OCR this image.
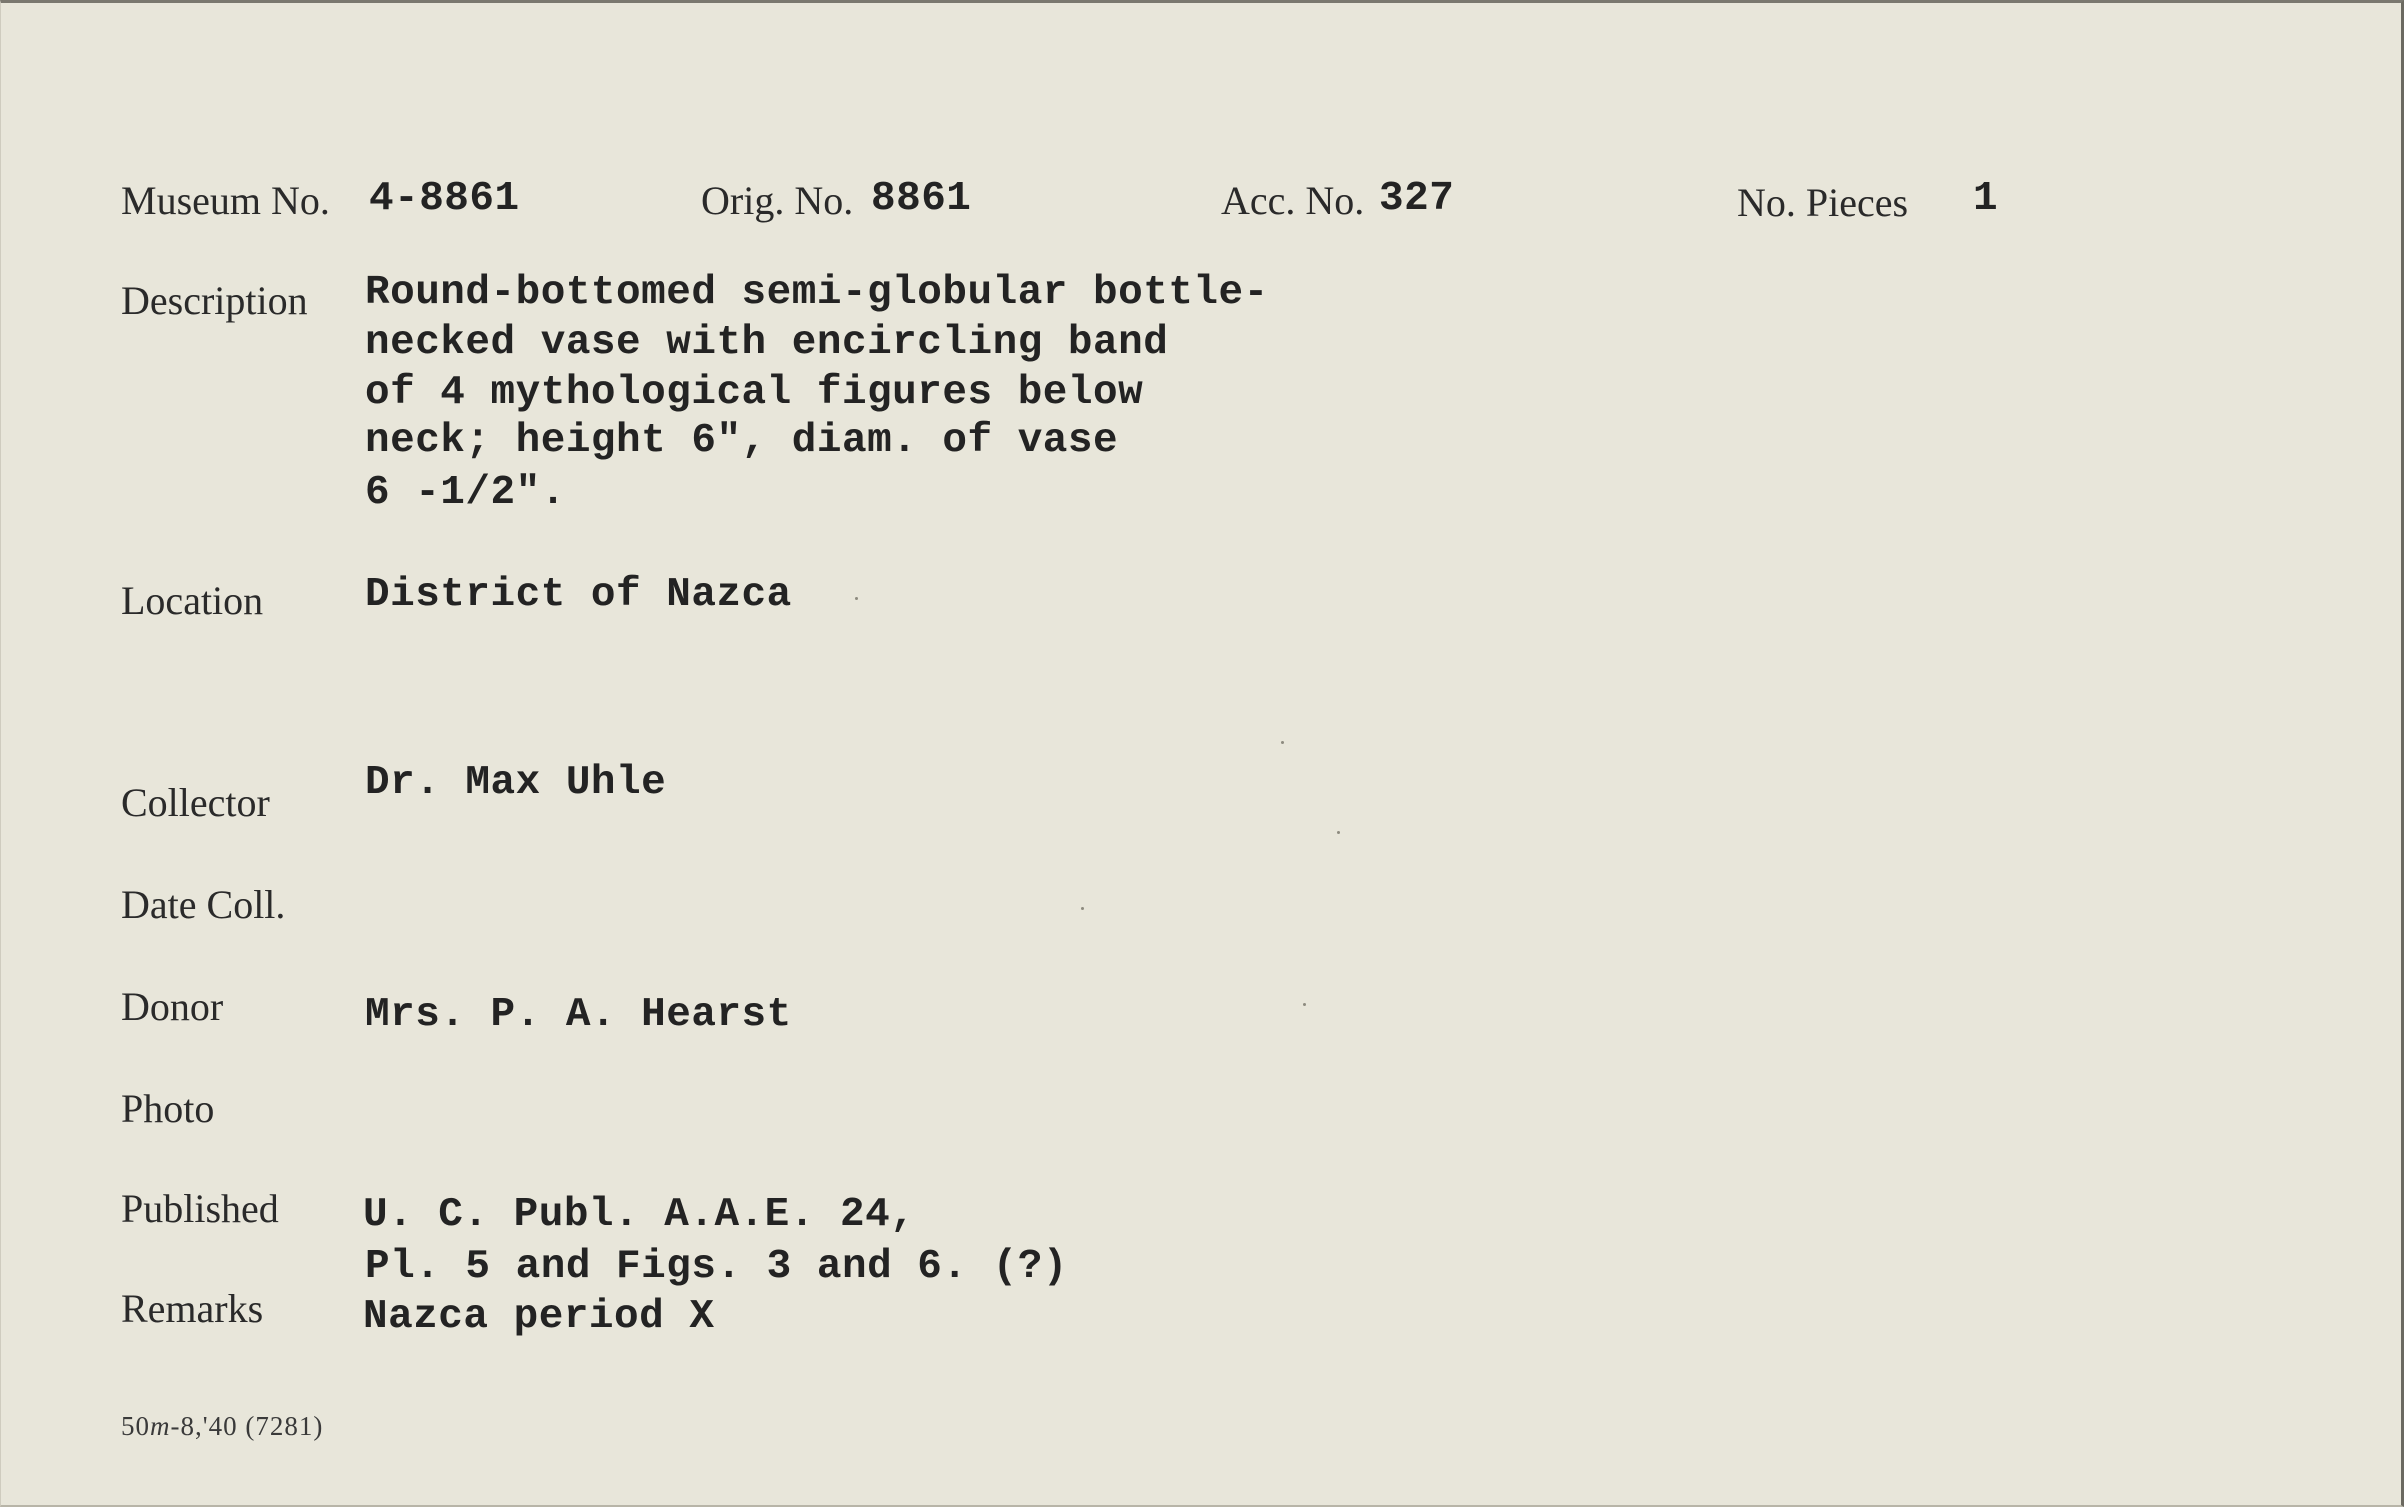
Museum No. 4-8861	Orig. No. 8861	Acc. No. 327	No. Pieces 1
Description Round-bottomed semi-globular bottle-
necked vase with encircling band
of 4 mythological figures below
neck; height 6", diam. of vase
6 -1/2".
Location District of Nazca
Collector Dr. Max Uhle
Date Coll.
Donor	Mrs. P. A. Hearst
Photo
Published U. C. Publ. A.A.E. 24,
Pl. 5 and Figs. 3 and 6. (?)
Remarks Nazca period X
50m-8,'40 (7281)
